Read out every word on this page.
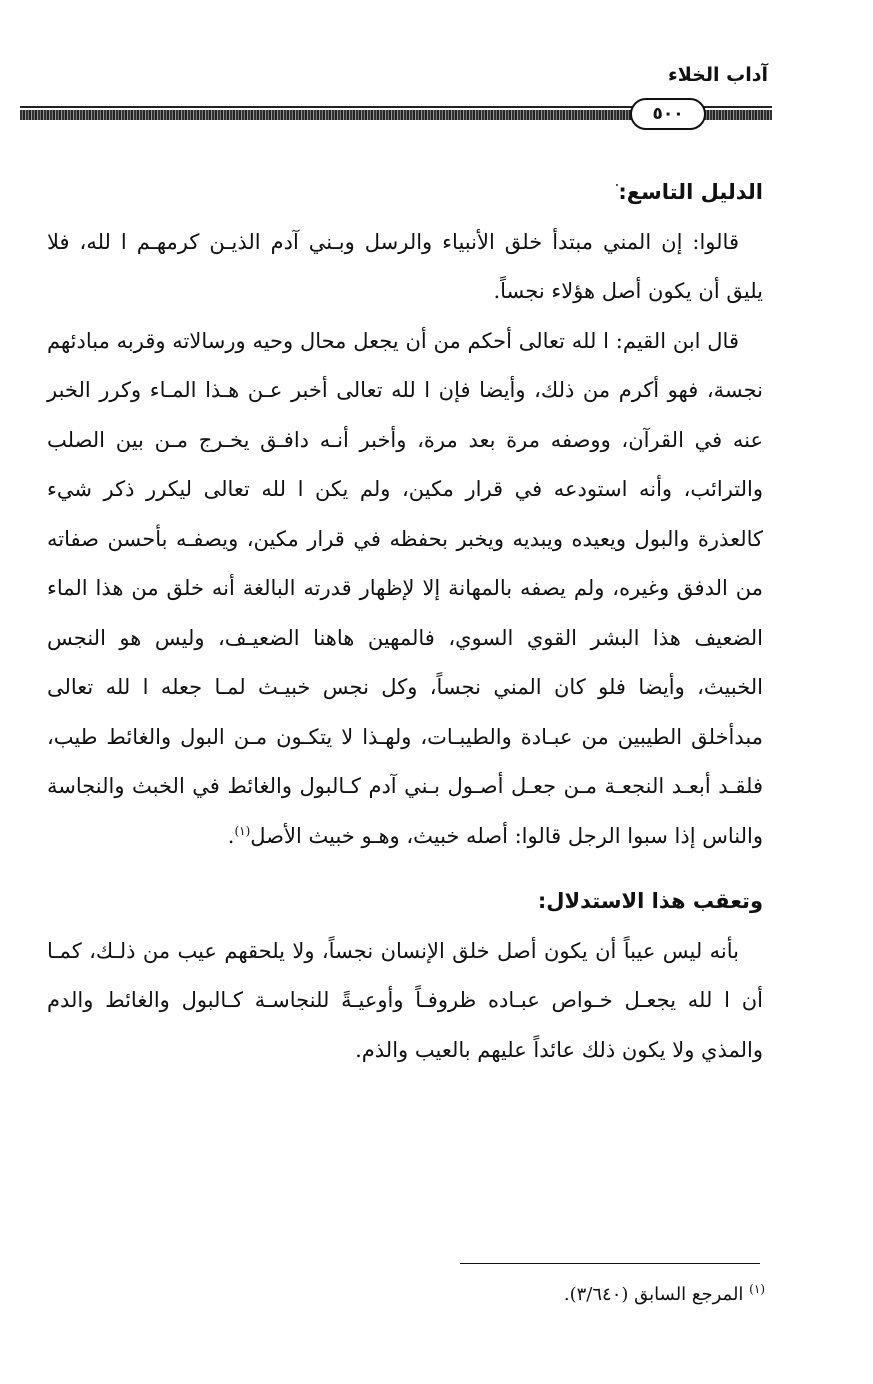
آداب الخلاء
٥٠٠

الدليل التاسع:

قالوا: إن المني مبتدأ خلق الأنبياء والرسل وبـني آدم الذيـن كرمهـم ا لله، فلا يليق أن يكون أصل هؤلاء نجساً.

قال ابن القيم: ا لله تعالى أحكم من أن يجعل محال وحيه ورسالاته وقربه مبادئهم نجسة، فهو أكرم من ذلك، وأيضا فإن ا لله تعالى أخبر عـن هـذا المـاء وكرر الخبر عنه في القرآن، ووصفه مرة بعد مرة، وأخبر أنـه دافـق يخـرج مـن بين الصلب والترائب، وأنه استودعه في قرار مكين، ولم يكن ا لله تعالى ليكرر ذكر شيء كالعذرة والبول ويعيده ويبديه ويخبر بحفظه في قرار مكين، ويصفـه بأحسن صفاته من الدفق وغيره، ولم يصفه بالمهانة إلا لإظهار قدرته البالغة أنه خلق من هذا الماء الضعيف هذا البشر القوي السوي، فالمهين هاهنا الضعيـف، وليس هو النجس الخبيث، وأيضا فلو كان المني نجساً، وكل نجس خبيـث لمـا جعله ا لله تعالى مبدأخلق الطيبين من عبـادة والطيبـات، ولهـذا لا يتكـون مـن البول والغائط طيب، فلقـد أبعـد النجعـة مـن جعـل أصـول بـني آدم كـالبول والغائط في الخبث والنجاسة والناس إذا سبوا الرجل قالوا: أصله خبيث، وهـو خبيث الأصل$^{(١)}$.

وتعقب هذا الاستدلال:

بأنه ليس عيباً أن يكون أصل خلق الإنسان نجساً، ولا يلحقهم عيب من ذلـك، كمـا أن ا لله يجعـل خـواص عبـاده ظروفـاً وأوعيـةً للنجاسـة كـالبول والغائط والدم والمذي ولا يكون ذلك عائداً عليهم بالعيب والذم.

$^{(١)}$ المرجع السابق (٣/٦٤٠).
